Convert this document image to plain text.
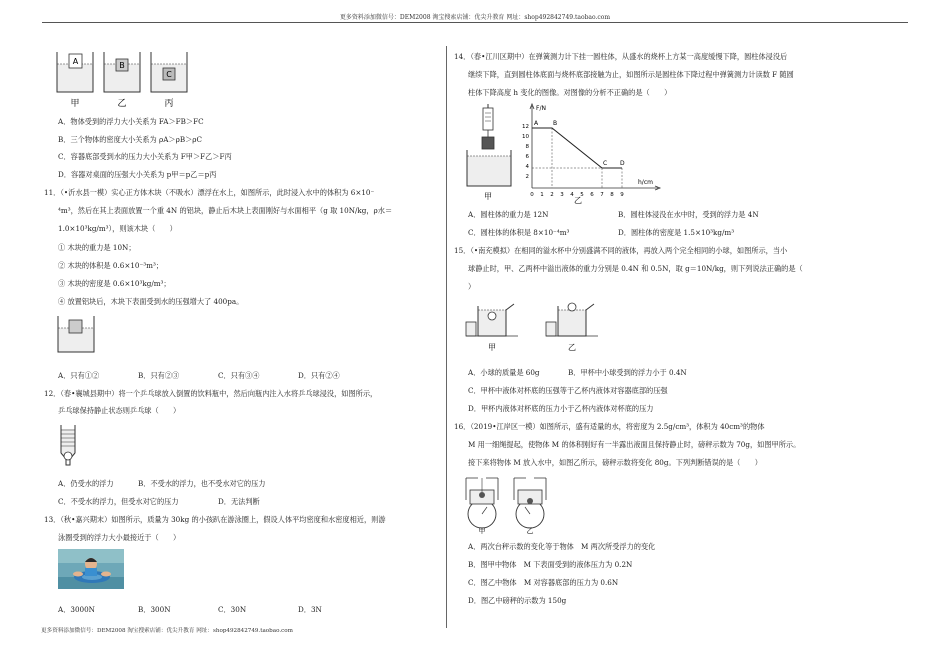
更多资料添加微信号：DEM2008 淘宝搜索店铺：优尖升教育 网址：shop492842749.taobao.com
A	B
C
甲	乙	丙
A．物体受到的浮力大小关系为 FA＞FB＞FC
B．三个物体的密度大小关系为 ρA＞ρB＞ρC
C．容器底部受到水的压力大小关系为 F甲＞F乙＞F丙
D．容器对桌面的压强大小关系为 p甲＝p乙＝p丙
11．（•沂水县一模）实心正方体木块（不吸水）漂浮在水上，如图所示，此时浸入水中的体积为 6×10⁻
⁴m³，然后在其上表面放置一个重 4N 的铝块，静止后木块上表面刚好与水面相平（g 取 10N/kg，ρ水＝
1.0×10³kg/m³），则该木块（　　）
① 木块的重力是 10N；
② 木块的体积是 0.6×10⁻³m³；
③ 木块的密度是 0.6×10³kg/m³；
④ 放置铝块后，木块下表面受到水的压强增大了 400pa。
A．只有①②	B．只有②③	C．只有③④	D．只有②④
12．（春•襄城县期中）将一个乒乓球放入倒置的饮料瓶中，然后向瓶内注入水将乒乓球浸没，如图所示，
乒乓球保持静止状态则乒乓球（　　）
A．仍受水的浮力	B．不受水的浮力，也不受水对它的压力
C．不受水的浮力，但受水对它的压力	D．无法判断
13．（秋•嘉兴期末）如图所示，质量为 30kg 的小孩趴在游泳圈上，假设人体平均密度和水密度相近，则游
泳圈受到的浮力大小最接近于（　　）
A．3000N	B．300N	C．30N	D．3N
更多资料添加微信号：DEM2008 淘宝搜索店铺：优尖升教育 网址：shop492842749.taobao.com
14．（春•江川区期中）在弹簧测力计下挂一圆柱体，从盛水的烧杯上方某一高度缓慢下降，圆柱体浸没后
继续下降，直到圆柱体底面与烧杯底部接触为止，如图所示是圆柱体下降过程中弹簧测力计读数 F 随圆
柱体下降高度 h 变化的图像。对图像的分析不正确的是（　　）
甲
F/N
h/cm
12
10
8
6
4
2
0 1 2 3 4 5 6 7 8 9
A B
C D
乙
A．圆柱体的重力是 12N	B．圆柱体浸没在水中时，受到的浮力是 4N
C．圆柱体的体积是 8×10⁻⁴m³	D．圆柱体的密度是 1.5×10³kg/m³
15．（•南充模拟）在相同的溢水杯中分别盛满不同的液体，再放入两个完全相同的小球，如图所示，当小
球静止时，甲、乙两杯中溢出液体的重力分别是 0.4N 和 0.5N，取 g＝10N/kg，则下列说法正确的是（
）
甲	乙
A．小球的质量是 60g	B．甲杯中小球受到的浮力小于 0.4N
C．甲杯中液体对杯底的压强等于乙杯内液体对容器底部的压强
D．甲杯内液体对杯底的压力小于乙杯内液体对杯底的压力
16．（2019•江岸区一模）如图所示，盛有适量的水，将密度为 2.5g/cm³，体积为 40cm³的物体
M 用一细绳提起，使物体 M 的体积刚好有一半露出液面且保持静止时，磅秤示数为 70g，如图甲所示。
接下来将物体 M 放入水中，如图乙所示，磅秤示数将变化 80g。下列判断错误的是（　　）
甲	乙
A．两次台秤示数的变化等于物体　M 两次所受浮力的变化
B．图甲中物体　M 下表面受到的液体压力为 0.2N
C．图乙中物体　M 对容器底部的压力为 0.6N
D．图乙中磅秤的示数为 150g
